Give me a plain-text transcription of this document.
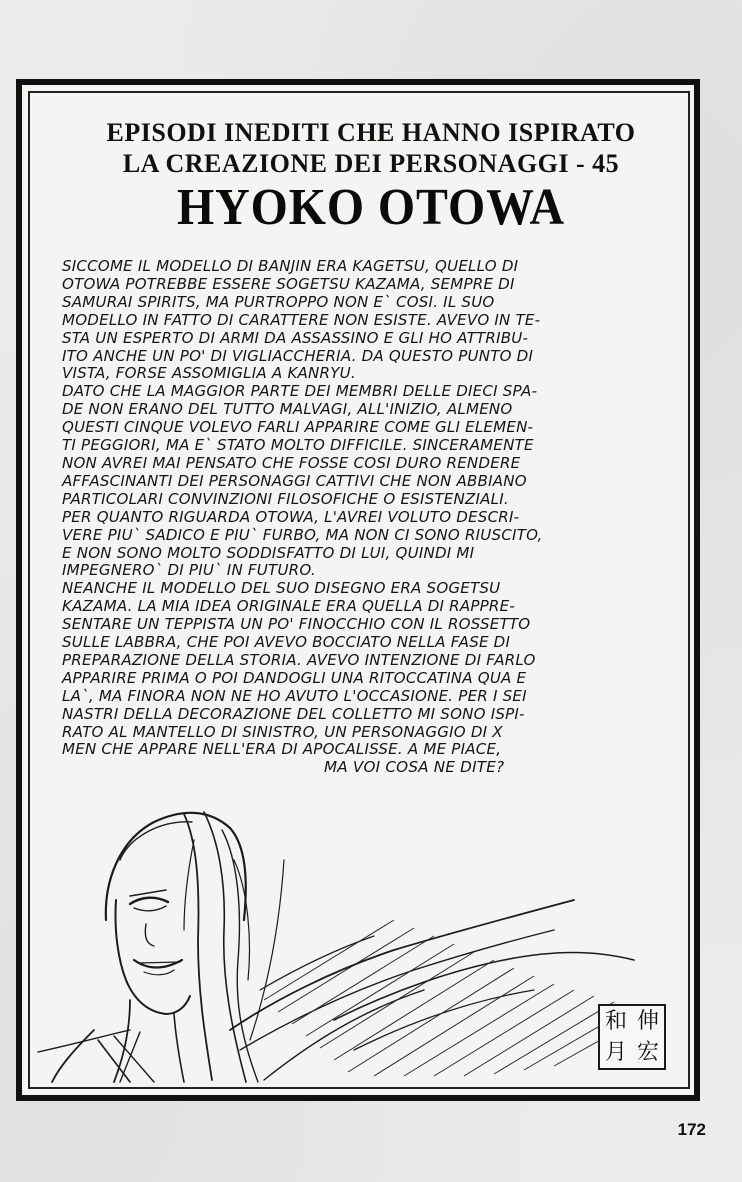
EPISODI INEDITI CHE HANNO ISPIRATO
LA CREAZIONE DEI PERSONAGGI - 45
HYOKO OTOWA
SICCOME IL MODELLO DI BANJIN ERA KAGETSU, QUELLO DI
OTOWA POTREBBE ESSERE SOGETSU KAZAMA, SEMPRE DI
SAMURAI SPIRITS, MA PURTROPPO NON E` COSI. IL SUO
MODELLO IN FATTO DI CARATTERE NON ESISTE. AVEVO IN TE-
STA UN ESPERTO DI ARMI DA ASSASSINO E GLI HO ATTRIBU-
ITO ANCHE UN PO' DI VIGLIACCHERIA. DA QUESTO PUNTO DI
VISTA, FORSE ASSOMIGLIA A KANRYU.
DATO CHE LA MAGGIOR PARTE DEI MEMBRI DELLE DIECI SPA-
DE NON ERANO DEL TUTTO MALVAGI, ALL'INIZIO, ALMENO
QUESTI CINQUE VOLEVO FARLI APPARIRE COME GLI ELEMEN-
TI PEGGIORI, MA E` STATO MOLTO DIFFICILE. SINCERAMENTE
NON AVREI MAI PENSATO CHE FOSSE COSI DURO RENDERE
AFFASCINANTI DEI PERSONAGGI CATTIVI CHE NON ABBIANO
PARTICOLARI CONVINZIONI FILOSOFICHE O ESISTENZIALI.
PER QUANTO RIGUARDA OTOWA, L'AVREI VOLUTO DESCRI-
VERE PIU` SADICO E PIU` FURBO, MA NON CI SONO RIUSCITO,
E NON SONO MOLTO SODDISFATTO DI LUI, QUINDI MI
IMPEGNERO` DI PIU` IN FUTURO.
NEANCHE IL MODELLO DEL SUO DISEGNO ERA SOGETSU
KAZAMA. LA MIA IDEA ORIGINALE ERA QUELLA DI RAPPRE-
SENTARE UN TEPPISTA UN PO' FINOCCHIO CON IL ROSSETTO
SULLE LABBRA, CHE POI AVEVO BOCCIATO NELLA FASE DI
PREPARAZIONE DELLA STORIA. AVEVO INTENZIONE DI FARLO
APPARIRE PRIMA O POI DANDOGLI UNA RITOCCATINA QUA E
LA`, MA FINORA NON NE HO AVUTO L'OCCASIONE. PER I SEI
NASTRI DELLA DECORAZIONE DEL COLLETTO MI SONO ISPI-
RATO AL MANTELLO DI SINISTRO, UN PERSONAGGIO DI X
MEN CHE APPARE NELL'ERA DI APOCALISSE. A ME PIACE,
MA VOI COSA NE DITE?
和 伸
月 宏
172
